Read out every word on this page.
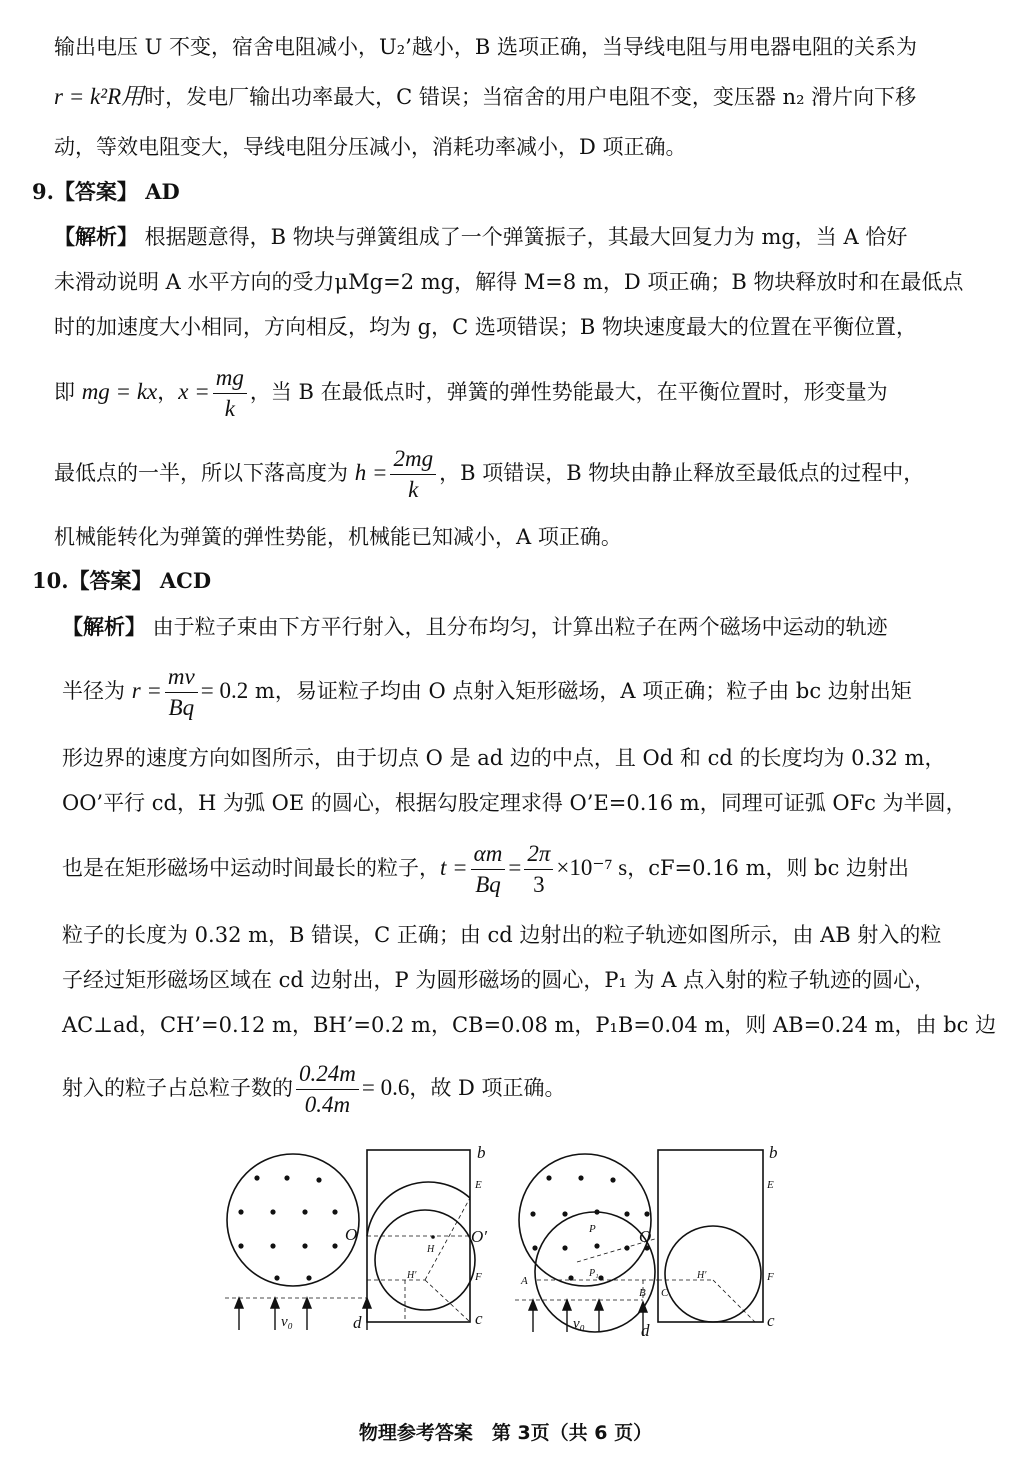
输出电压 U 不变，宿舍电阻减小，U₂’越小，B 选项正确，当导线电阻与用电器电阻的关系为
r = k²R用时，发电厂输出功率最大，C 错误；当宿舍的用户电阻不变，变压器 n₂ 滑片向下移
动，等效电阻变大，导线电阻分压减小，消耗功率减小，D 项正确。
9.【答案】 AD
【解析】 根据题意得，B 物块与弹簧组成了一个弹簧振子，其最大回复力为 mg，当 A 恰好
未滑动说明 A 水平方向的受力μMg=2 mg，解得 M=8 m，D 项正确；B 物块释放时和在最低点
时的加速度大小相同，方向相反，均为 g，C 选项错误；B 物块速度最大的位置在平衡位置，
即 mg = kx，$x = \frac{mg}{k}$ ，当 B 在最低点时，弹簧的弹性势能最大，在平衡位置时，形变量为
最低点的一半，所以下落高度为 $h = \frac{2mg}{k}$ ，B 项错误，B 物块由静止释放至最低点的过程中，
机械能转化为弹簧的弹性势能，机械能已知减小，A 项正确。
10.【答案】 ACD
【解析】 由于粒子束由下方平行射入，且分布均匀，计算出粒子在两个磁场中运动的轨迹
半径为 $r = \frac{mv}{Bq} = 0.2$ m，易证粒子均由 O 点射入矩形磁场，A 项正确；粒子由 bc 边射出矩
形边界的速度方向如图所示，由于切点 O 是 ad 边的中点，且 Od 和 cd 的长度均为 0.32 m，
OO’平行 cd，H 为弧 OE 的圆心，根据勾股定理求得 O’E=0.16 m，同理可证弧 OFc 为半圆，
也是在矩形磁场中运动时间最长的粒子，$t = \frac{\alpha m}{Bq} = \frac{2\pi}{3} \times 10^{-7}$ s，cF=0.16 m，则 bc 边射出
粒子的长度为 0.32 m，B 错误，C 正确；由 cd 边射出的粒子轨迹如图所示，由 AB 射入的粒
子经过矩形磁场区域在 cd 边射出，P 为圆形磁场的圆心，P₁ 为 A 点入射的粒子轨迹的圆心，
AC⊥ad，CH’=0.12 m，BH’=0.2 m，CB=0.08 m，P₁B=0.04 m，则 AB=0.24 m，由 bc 边
射入的粒子占总粒子数的 $\frac{0.24m}{0.4m} = 0.6$，故 D 项正确。
b
E
O	O′
H
H′	F
c
d
v₀
b
E
O
P
P₁
A
B C
H′	F
c
d
v₀
物理参考答案　第 3页（共 6 页）
